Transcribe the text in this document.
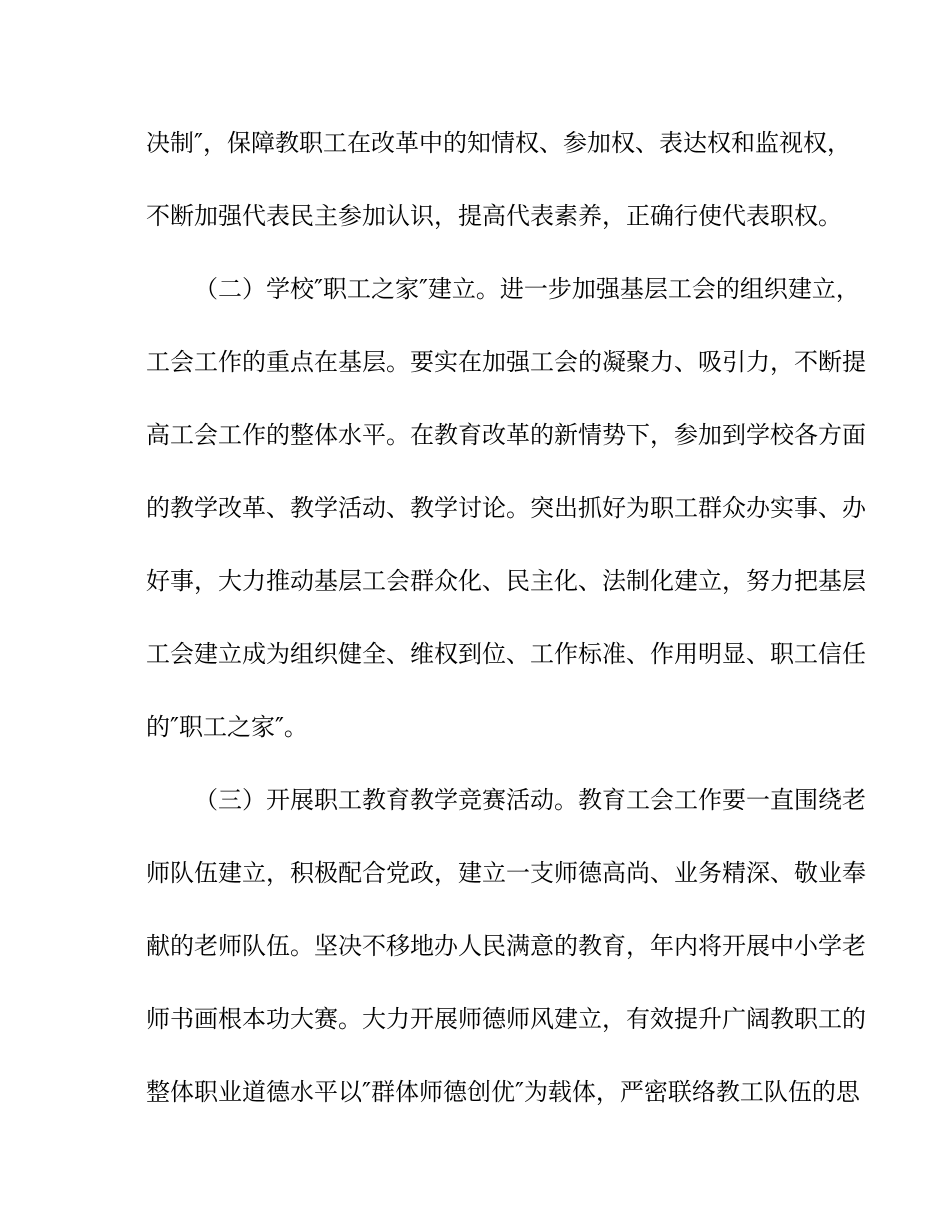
决制″，保障教职工在改革中的知情权、参加权、表达权和监视权，

不断加强代表民主参加认识，提高代表素养，正确行使代表职权。

（二）学校″职工之家″建立。进一步加强基层工会的组织建立，

工会工作的重点在基层。要实在加强工会的凝聚力、吸引力，不断提

高工会工作的整体水平。在教育改革的新情势下，参加到学校各方面

的教学改革、教学活动、教学讨论。突出抓好为职工群众办实事、办

好事，大力推动基层工会群众化、民主化、法制化建立，努力把基层

工会建立成为组织健全、维权到位、工作标准、作用明显、职工信任

的″职工之家″。

（三）开展职工教育教学竞赛活动。教育工会工作要一直围绕老

师队伍建立，积极配合党政，建立一支师德高尚、业务精深、敬业奉

献的老师队伍。坚决不移地办人民满意的教育，年内将开展中小学老

师书画根本功大赛。大力开展师德师风建立，有效提升广阔教职工的

整体职业道德水平以″群体师德创优″为载体，严密联络教工队伍的思
